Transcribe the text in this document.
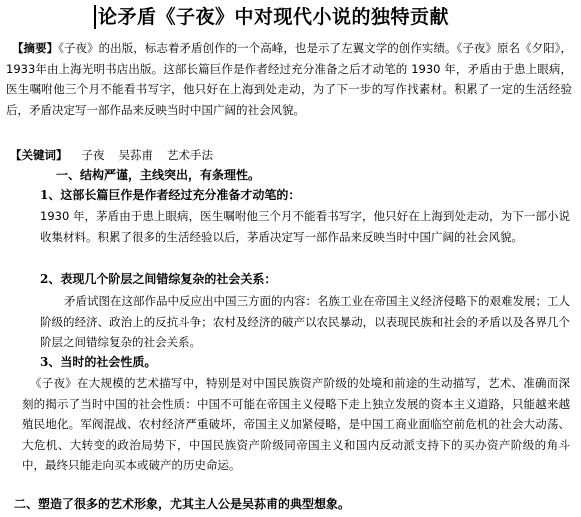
论矛盾《子夜》中对现代小说的独特贡献
【摘要】《子夜》的出版，标志着矛盾创作的一个高峰，也是示了左翼文学的创作实绩。《子夜》原名《夕阳》，1933年由上海光明书店出版。这部长篇巨作是作者经过充分准备之后才动笔的 1930 年，矛盾由于患上眼病，医生嘱咐他三个月不能看书写字，他只好在上海到处走动，为了下一步的写作找素材。积累了一定的生活经验后，矛盾决定写一部作品来反映当时中国广阔的社会风貌。
【关键词】 子夜 吴荪甫 艺术手法
一、结构严谨，主线突出，有条理性。
1、这部长篇巨作是作者经过充分准备才动笔的：
1930 年，茅盾由于患上眼病，医生嘱咐他三个月不能看书写字，他只好在上海到处走动，为下一部小说收集材料。积累了很多的生活经验以后，茅盾决定写一部作品来反映当时中国广阔的社会风貌。
2、表现几个阶层之间错综复杂的社会关系：
矛盾试图在这部作品中反应出中国三方面的内容：名族工业在帝国主义经济侵略下的艰难发展；工人阶级的经济、政治上的反抗斗争；农村及经济的破产以农民暴动，以表现民族和社会的矛盾以及各界几个阶层之间错综复杂的社会关系。
3、当时的社会性质。
《子夜》在大规模的艺术描写中，特别是对中国民族资产阶级的处境和前途的生动描写，艺术、准确而深刻的揭示了当时中国的社会性质：中国不可能在帝国主义侵略下走上独立发展的资本主义道路，只能越来越殖民地化。军阀混战、农村经济严重破坏，帝国主义加紧侵略，是中国工商业面临空前危机的社会大动荡、大危机、大转变的政治局势下，中国民族资产阶级同帝国主义和国内反动派支持下的买办资产阶级的角斗中，最终只能走向买本或破产的历史命运。
二、塑造了很多的艺术形象，尤其主人公是吴荪甫的典型想象。
